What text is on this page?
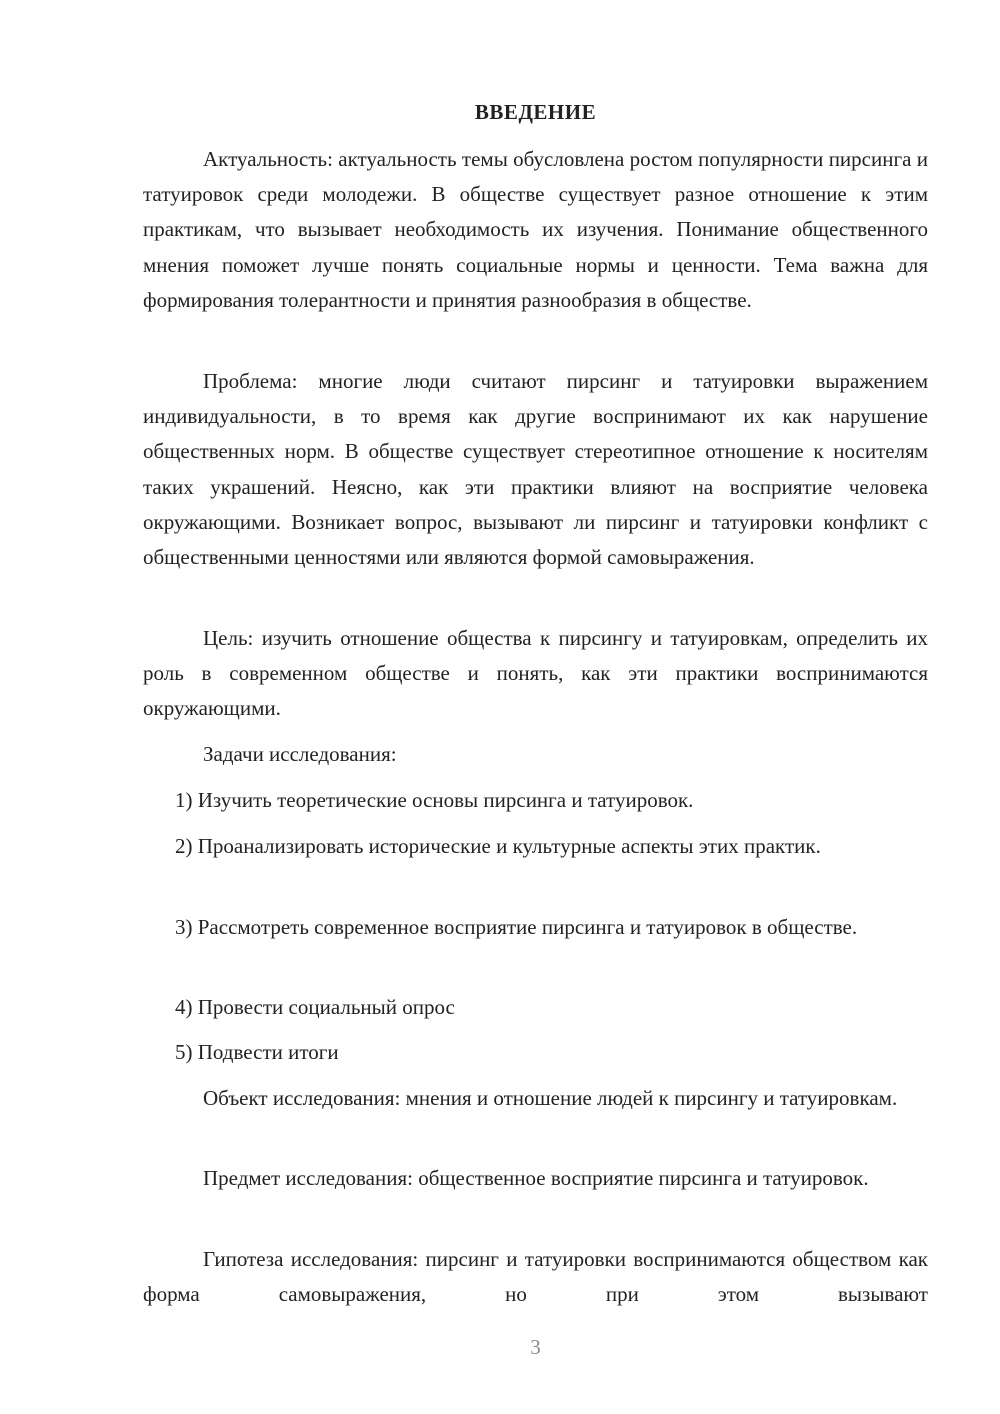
ВВЕДЕНИЕ

Актуальность: актуальность темы обусловлена ростом популярности пирсинга и татуировок среди молодежи. В обществе существует разное отношение к этим практикам, что вызывает необходимость их изучения. Понимание общественного мнения поможет лучше понять социальные нормы и ценности. Тема важна для формирования толерантности и принятия разнообразия в обществе.

Проблема: многие люди считают пирсинг и татуировки выражением индивидуальности, в то время как другие воспринимают их как нарушение общественных норм. В обществе существует стереотипное отношение к носителям таких украшений. Неясно, как эти практики влияют на восприятие человека окружающими. Возникает вопрос, вызывают ли пирсинг и татуировки конфликт с общественными ценностями или являются формой самовыражения.

Цель: изучить отношение общества к пирсингу и татуировкам, определить их роль в современном обществе и понять, как эти практики воспринимаются окружающими.

Задачи исследования:

1) Изучить теоретические основы пирсинга и татуировок.

2) Проанализировать исторические и культурные аспекты этих практик.

3) Рассмотреть современное восприятие пирсинга и татуировок в обществе.

4) Провести социальный опрос

5) Подвести итоги

Объект исследования: мнения и отношение людей к пирсингу и татуировкам.

Предмет исследования: общественное восприятие пирсинга и татуировок.

Гипотеза исследования: пирсинг и татуировки воспринимаются обществом как форма самовыражения, но при этом вызывают

3
